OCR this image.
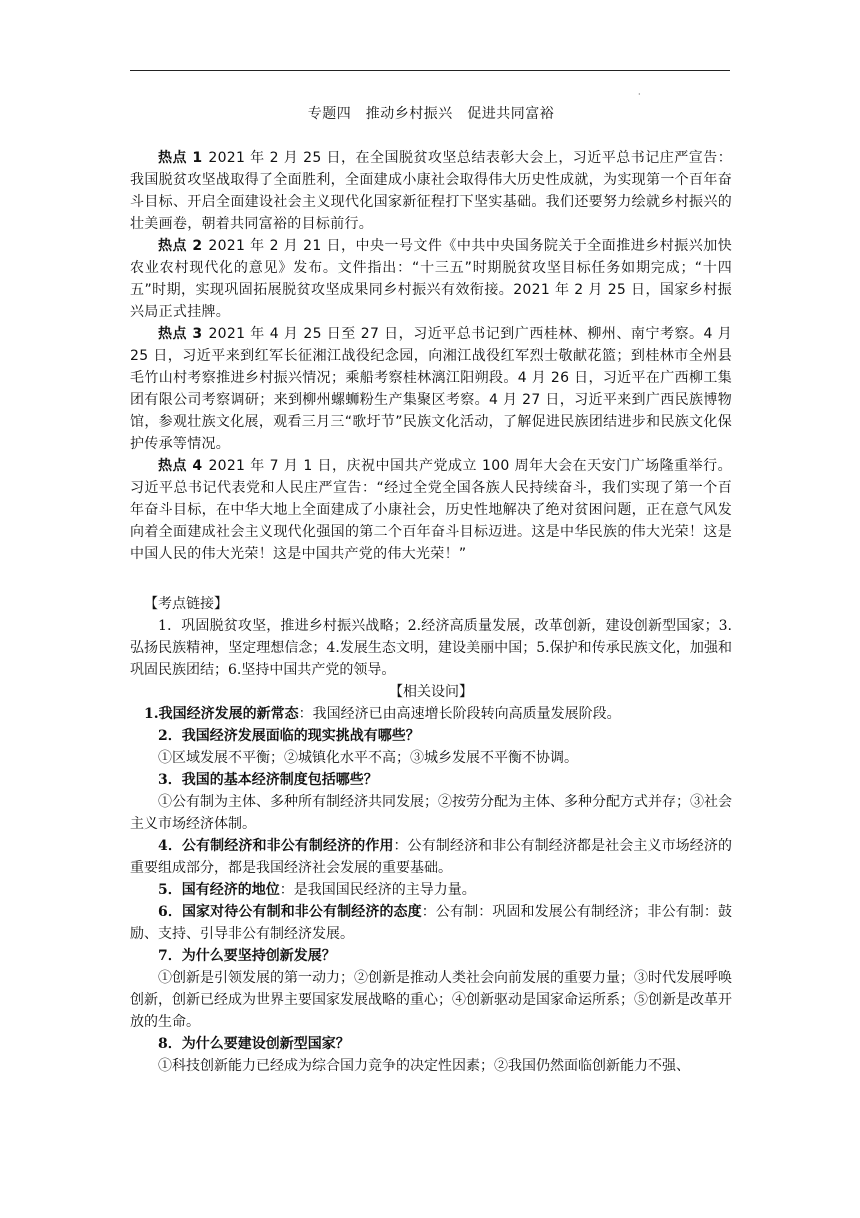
·
专题四　推动乡村振兴　促进共同富裕

热点 1 2021 年 2 月 25 日，在全国脱贫攻坚总结表彰大会上，习近平总书记庄严宣告：我国脱贫攻坚战取得了全面胜利，全面建成小康社会取得伟大历史性成就，为实现第一个百年奋斗目标、开启全面建设社会主义现代化国家新征程打下坚实基础。我们还要努力绘就乡村振兴的壮美画卷，朝着共同富裕的目标前行。

热点 2 2021 年 2 月 21 日，中央一号文件《中共中央国务院关于全面推进乡村振兴加快农业农村现代化的意见》发布。文件指出：“十三五”时期脱贫攻坚目标任务如期完成；“十四五”时期，实现巩固拓展脱贫攻坚成果同乡村振兴有效衔接。2021 年 2 月 25 日，国家乡村振兴局正式挂牌。

热点 3 2021 年 4 月 25 日至 27 日，习近平总书记到广西桂林、柳州、南宁考察。4 月 25 日，习近平来到红军长征湘江战役纪念园，向湘江战役红军烈士敬献花篮；到桂林市全州县毛竹山村考察推进乡村振兴情况；乘船考察桂林漓江阳朔段。4 月 26 日，习近平在广西柳工集团有限公司考察调研；来到柳州螺蛳粉生产集聚区考察。4 月 27 日，习近平来到广西民族博物馆，参观壮族文化展，观看三月三“歌圩节”民族文化活动，了解促进民族团结进步和民族文化保护传承等情况。

热点 4 2021 年 7 月 1 日，庆祝中国共产党成立 100 周年大会在天安门广场隆重举行。习近平总书记代表党和人民庄严宣告：“经过全党全国各族人民持续奋斗，我们实现了第一个百年奋斗目标，在中华大地上全面建成了小康社会，历史性地解决了绝对贫困问题，正在意气风发向着全面建成社会主义现代化强国的第二个百年奋斗目标迈进。这是中华民族的伟大光荣！这是中国人民的伟大光荣！这是中国共产党的伟大光荣！”

【考点链接】

1．巩固脱贫攻坚，推进乡村振兴战略；2.经济高质量发展，改革创新，建设创新型国家；3.弘扬民族精神，坚定理想信念；4.发展生态文明，建设美丽中国；5.保护和传承民族文化，加强和巩固民族团结；6.坚持中国共产党的领导。

【相关设问】

1.我国经济发展的新常态：我国经济已由高速增长阶段转向高质量发展阶段。

2．我国经济发展面临的现实挑战有哪些？

①区域发展不平衡；②城镇化水平不高；③城乡发展不平衡不协调。

3．我国的基本经济制度包括哪些？

①公有制为主体、多种所有制经济共同发展；②按劳分配为主体、多种分配方式并存；③社会主义市场经济体制。

4．公有制经济和非公有制经济的作用：公有制经济和非公有制经济都是社会主义市场经济的重要组成部分，都是我国经济社会发展的重要基础。

5．国有经济的地位：是我国国民经济的主导力量。

6．国家对待公有制和非公有制经济的态度：公有制：巩固和发展公有制经济；非公有制：鼓励、支持、引导非公有制经济发展。

7．为什么要坚持创新发展？

①创新是引领发展的第一动力；②创新是推动人类社会向前发展的重要力量；③时代发展呼唤创新，创新已经成为世界主要国家发展战略的重心；④创新驱动是国家命运所系；⑤创新是改革开放的生命。

8．为什么要建设创新型国家？

①科技创新能力已经成为综合国力竞争的决定性因素；②我国仍然面临创新能力不强、
